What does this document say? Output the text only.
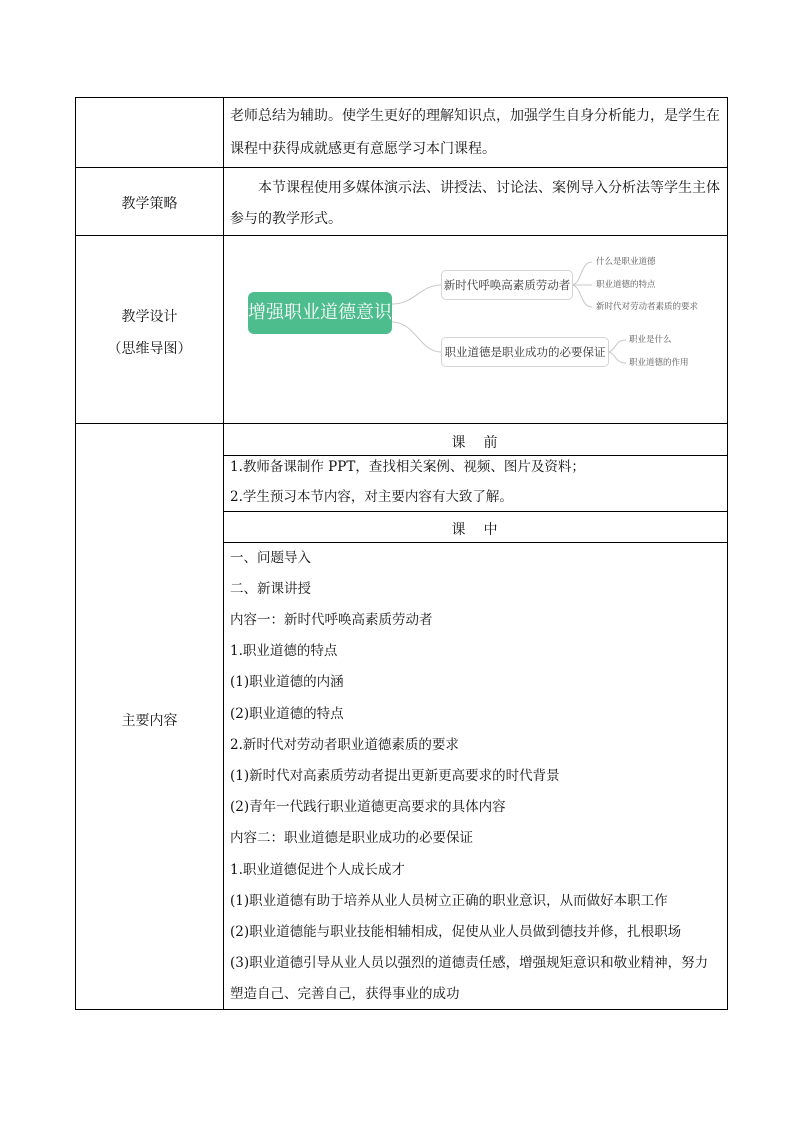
老师总结为辅助。使学生更好的理解知识点，加强学生自身分析能力，是学生在
课程中获得成就感更有意愿学习本门课程。
教学策略
本节课程使用多媒体演示法、讲授法、讨论法、案例导入分析法等学生主体
参与的教学形式。
教学设计
（思维导图）
增强职业道德意识
新时代呼唤高素质劳动者
什么是职业道德
职业道德的特点
新时代对劳动者素质的要求
职业道德是职业成功的必要保证
职业是什么
职业道德的作用
主要内容
课　前
1.教师备课制作 PPT，查找相关案例、视频、图片及资料；
2.学生预习本节内容，对主要内容有大致了解。
课　中
一、问题导入
二、新课讲授
内容一：新时代呼唤高素质劳动者
1.职业道德的特点
(1)职业道德的内涵
(2)职业道德的特点
2.新时代对劳动者职业道德素质的要求
(1)新时代对高素质劳动者提出更新更高要求的时代背景
(2)青年一代践行职业道德更高要求的具体内容
内容二：职业道德是职业成功的必要保证
1.职业道德促进个人成长成才
(1)职业道德有助于培养从业人员树立正确的职业意识，从而做好本职工作
(2)职业道德能与职业技能相辅相成，促使从业人员做到德技并修，扎根职场
(3)职业道德引导从业人员以强烈的道德责任感，增强规矩意识和敬业精神，努力
塑造自己、完善自己，获得事业的成功
